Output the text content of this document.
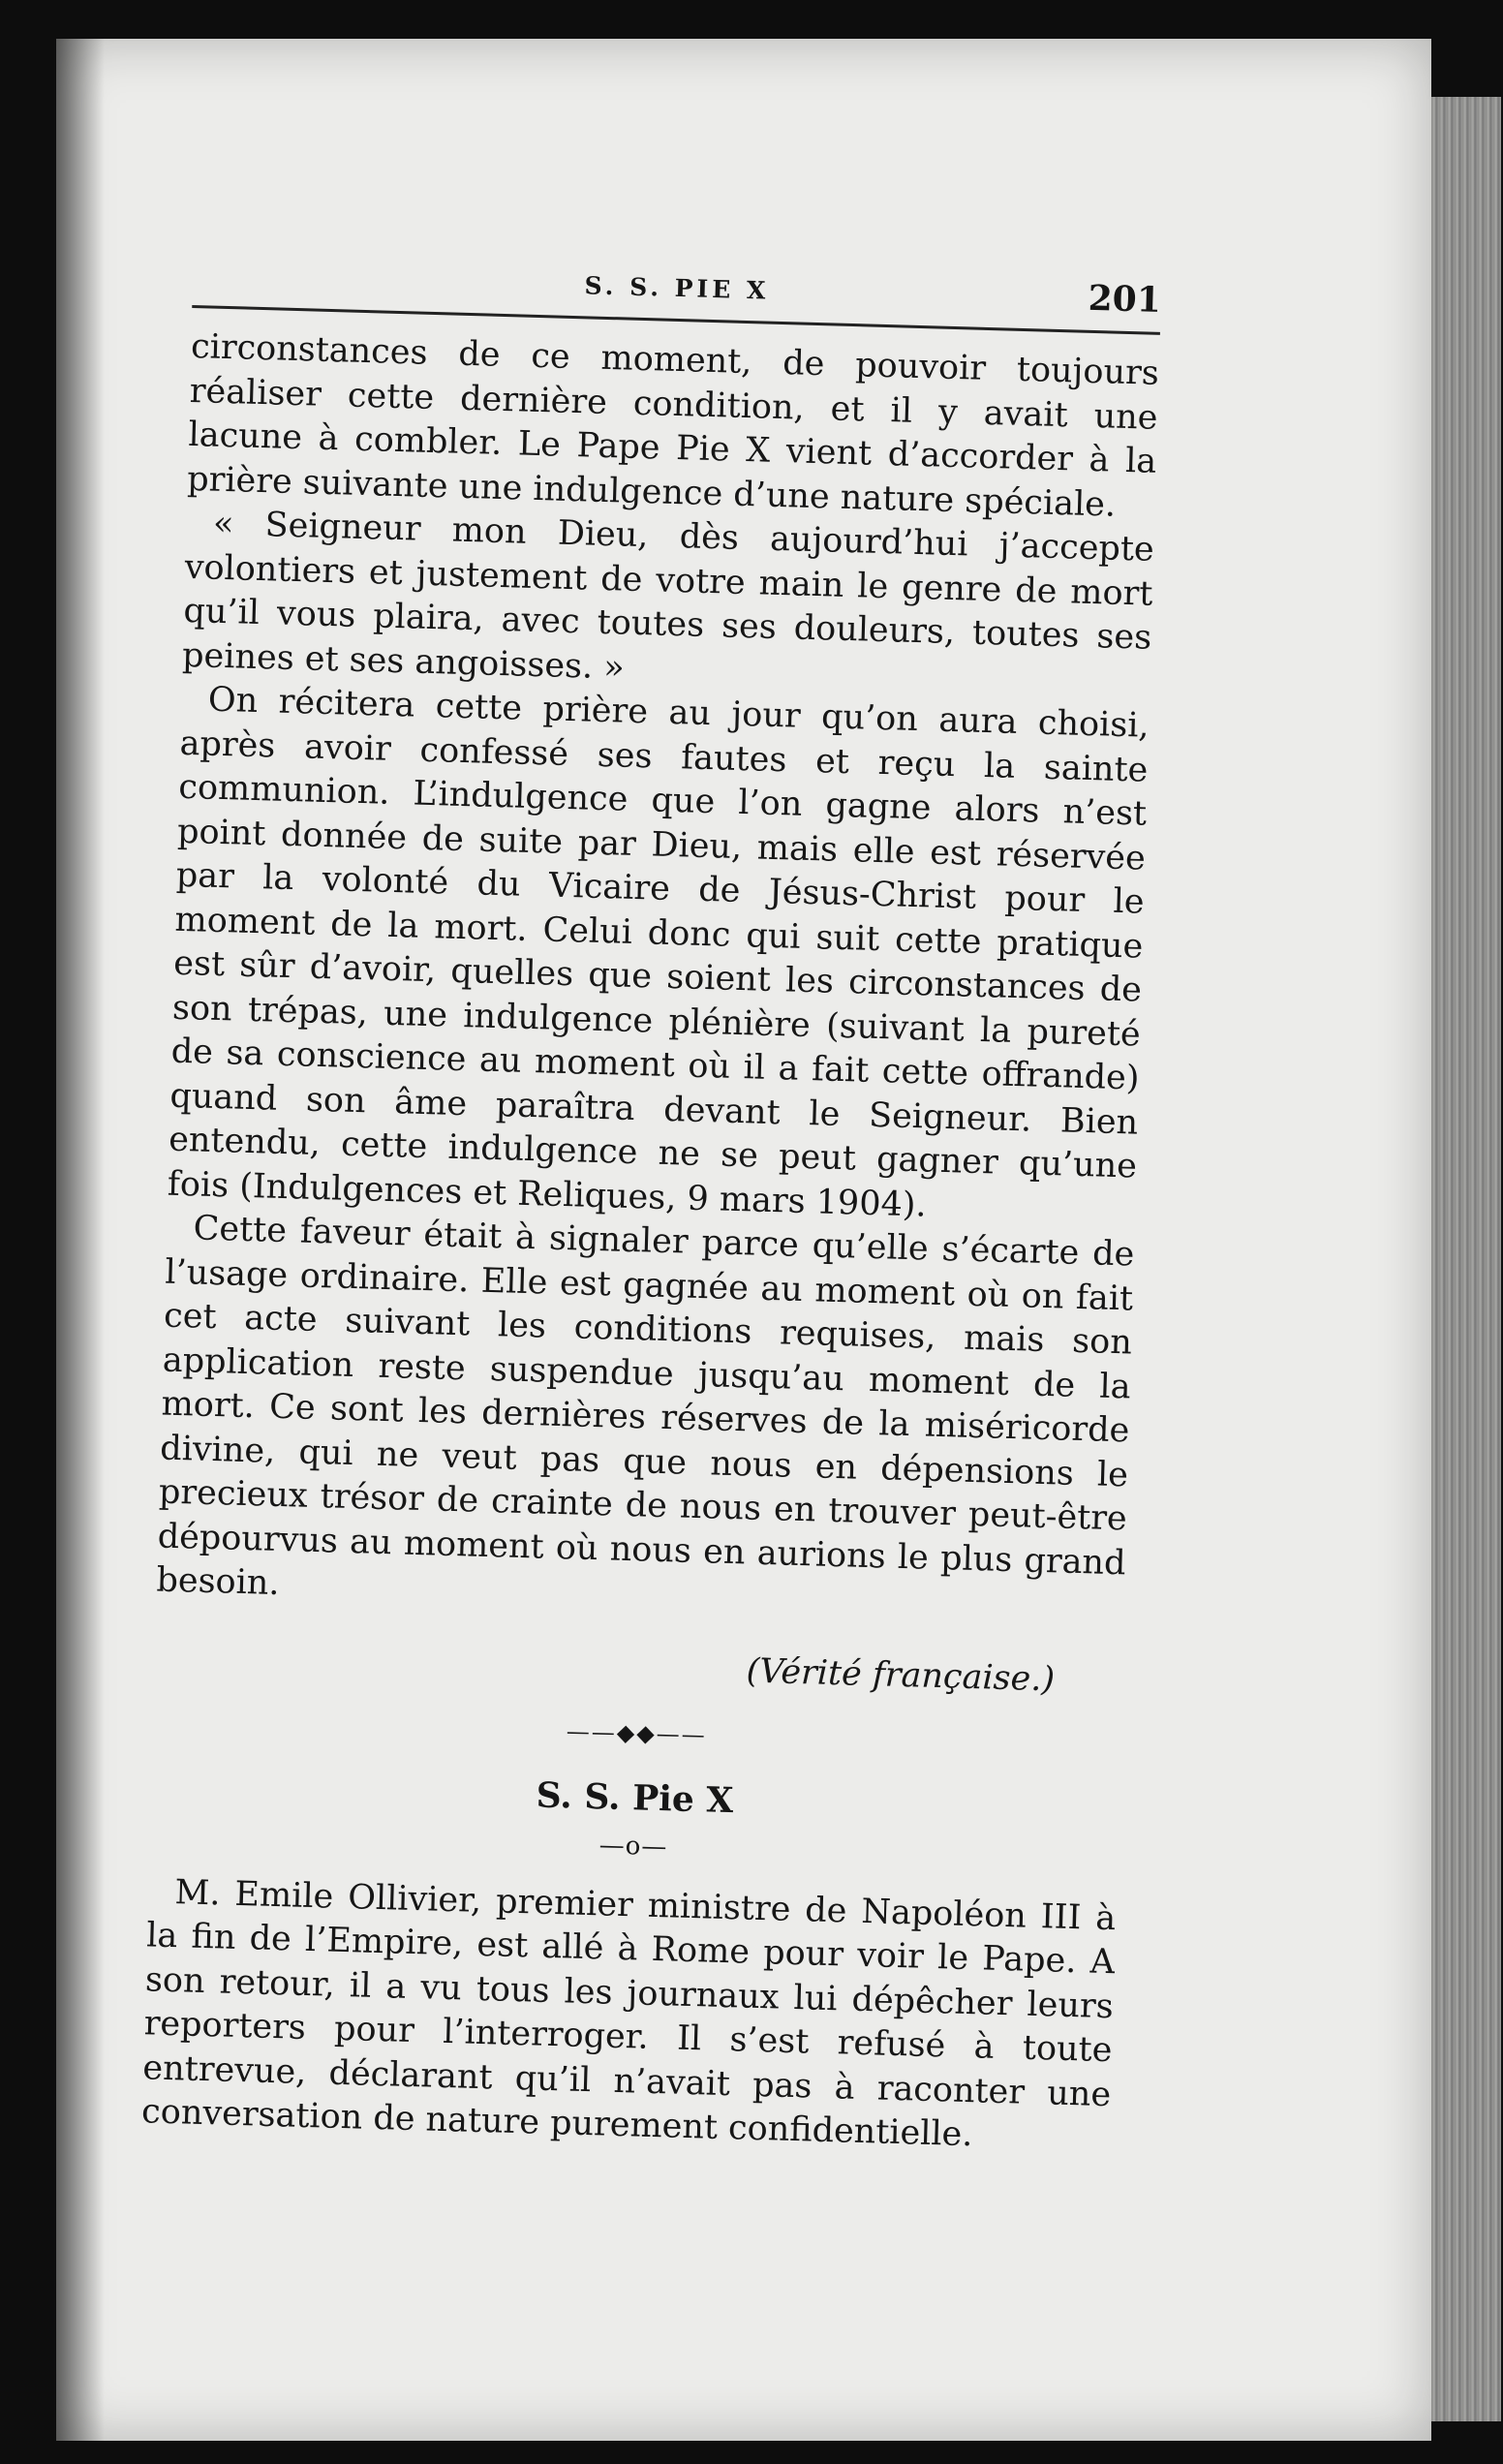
S. S. PIE X	201

circonstances de ce moment, de pouvoir toujours réaliser cette dernière condition, et il y avait une lacune à combler. Le Pape Pie X vient d’accorder à la prière suivante une indulgence d’une nature spéciale.

« Seigneur mon Dieu, dès aujourd’hui j’accepte volontiers et justement de votre main le genre de mort qu’il vous plaira, avec toutes ses douleurs, toutes ses peines et ses angoisses. »

On récitera cette prière au jour qu’on aura choisi, après avoir confessé ses fautes et reçu la sainte communion. L’indulgence que l’on gagne alors n’est point donnée de suite par Dieu, mais elle est réservée par la volonté du Vicaire de Jésus-Christ pour le moment de la mort. Celui donc qui suit cette pratique est sûr d’avoir, quelles que soient les circonstances de son trépas, une indulgence plénière (suivant la pureté de sa conscience au moment où il a fait cette offrande) quand son âme paraîtra devant le Seigneur. Bien entendu, cette indulgence ne se peut gagner qu’une fois (Indulgences et Reliques, 9 mars 1904).

Cette faveur était à signaler parce qu’elle s’écarte de l’usage ordinaire. Elle est gagnée au moment où on fait cet acte suivant les conditions requises, mais son application reste suspendue jusqu’au moment de la mort. Ce sont les dernières réserves de la miséricorde divine, qui ne veut pas que nous en dépensions le precieux trésor de crainte de nous en trouver peut-être dépourvus au moment où nous en aurions le plus grand besoin.

(Vérité française.)
——◆◆——
S. S. Pie X
—o—

M. Emile Ollivier, premier ministre de Napoléon III à la fin de l’Empire, est allé à Rome pour voir le Pape. A son retour, il a vu tous les journaux lui dépêcher leurs reporters pour l’interroger. Il s’est refusé à toute entrevue, déclarant qu’il n’avait pas à raconter une conversation de nature purement confidentielle.
